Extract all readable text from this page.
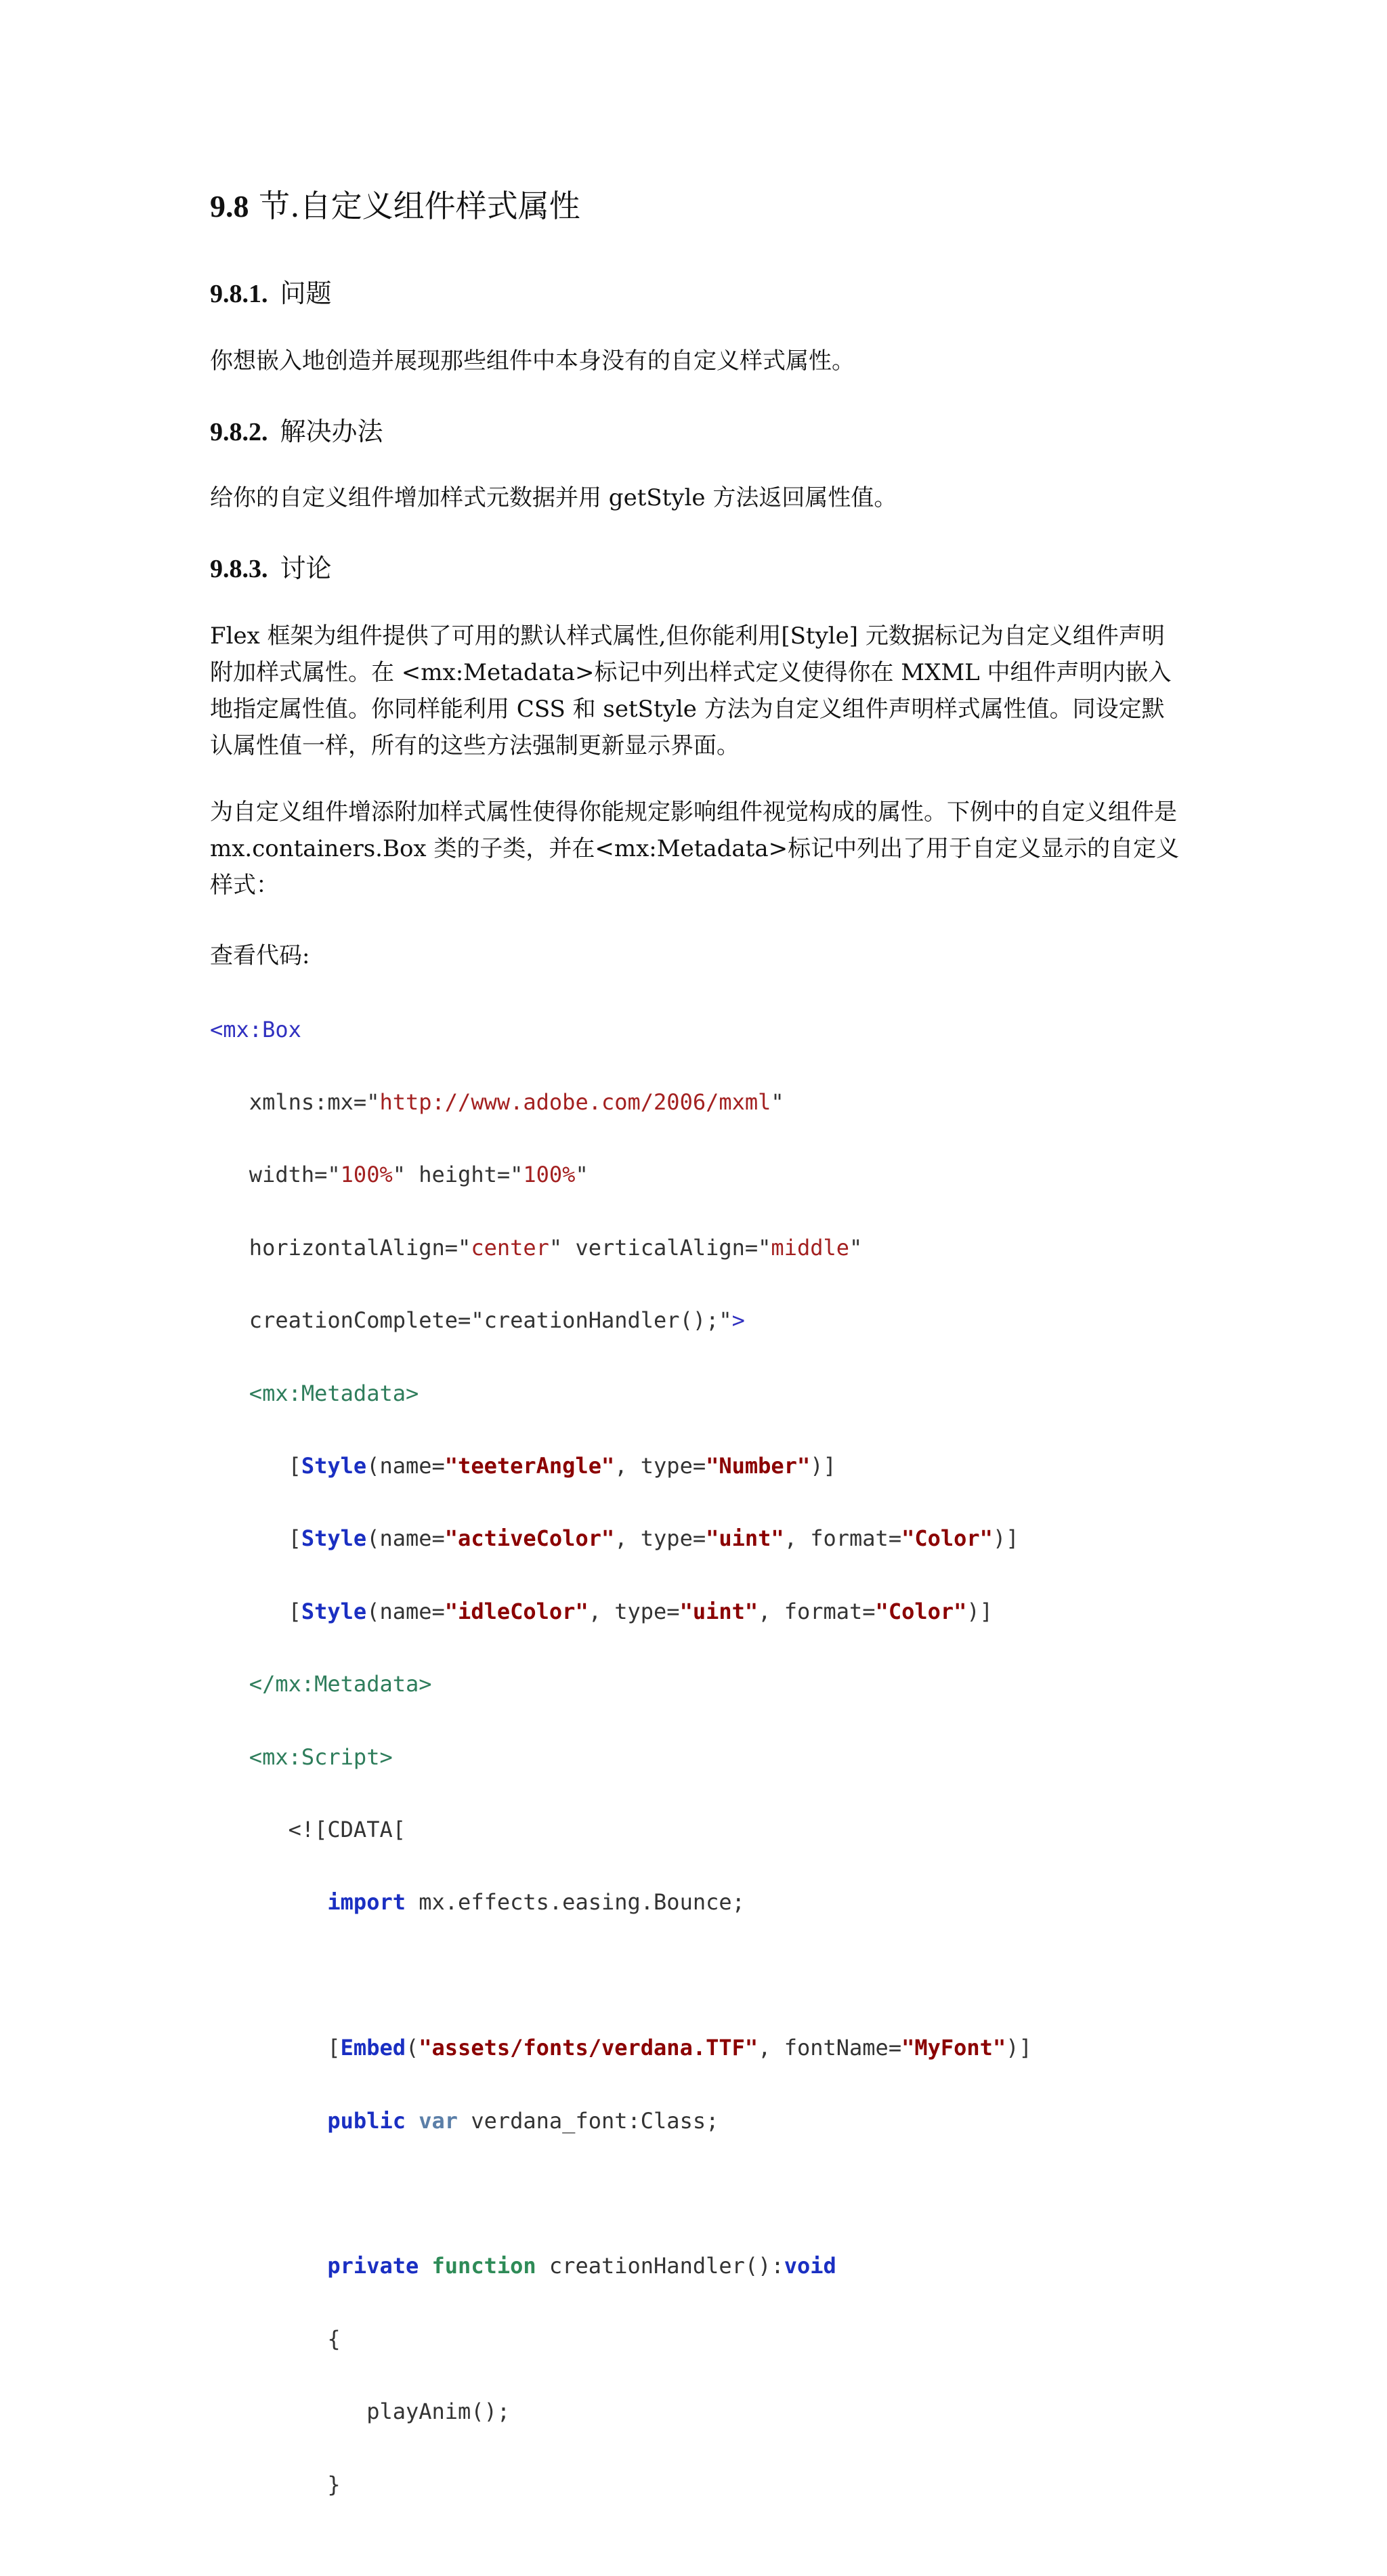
9.8 节.自定义组件样式属性
9.8.1. 问题
你想嵌入地创造并展现那些组件中本身没有的自定义样式属性。
9.8.2. 解决办法
给你的自定义组件增加样式元数据并用 getStyle 方法返回属性值。
9.8.3. 讨论
Flex 框架为组件提供了可用的默认样式属性,但你能利用[Style] 元数据标记为自定义组件声明附加样式属性。在 <mx:Metadata>标记中列出样式定义使得你在 MXML 中组件声明内嵌入地指定属性值。你同样能利用 CSS 和 setStyle 方法为自定义组件声明样式属性值。同设定默认属性值一样，所有的这些方法强制更新显示界面。
为自定义组件增添附加样式属性使得你能规定影响组件视觉构成的属性。下例中的自定义组件是 mx.containers.Box 类的子类，并在<mx:Metadata>标记中列出了用于自定义显示的自定义样式：
查看代码:

<mx:Box

xmlns:mx="http://www.adobe.com/2006/mxml"

width="100%" height="100%"

horizontalAlign="center" verticalAlign="middle"

creationComplete="creationHandler();">

<mx:Metadata>

[Style(name="teeterAngle", type="Number")]

[Style(name="activeColor", type="uint", format="Color")]

[Style(name="idleColor", type="uint", format="Color")]

</mx:Metadata>

<mx:Script>

<![CDATA[

import mx.effects.easing.Bounce;

[Embed("assets/fonts/verdana.TTF", fontName="MyFont")]

public var verdana_font:Class;

private function creationHandler():void

{

playAnim();

}
